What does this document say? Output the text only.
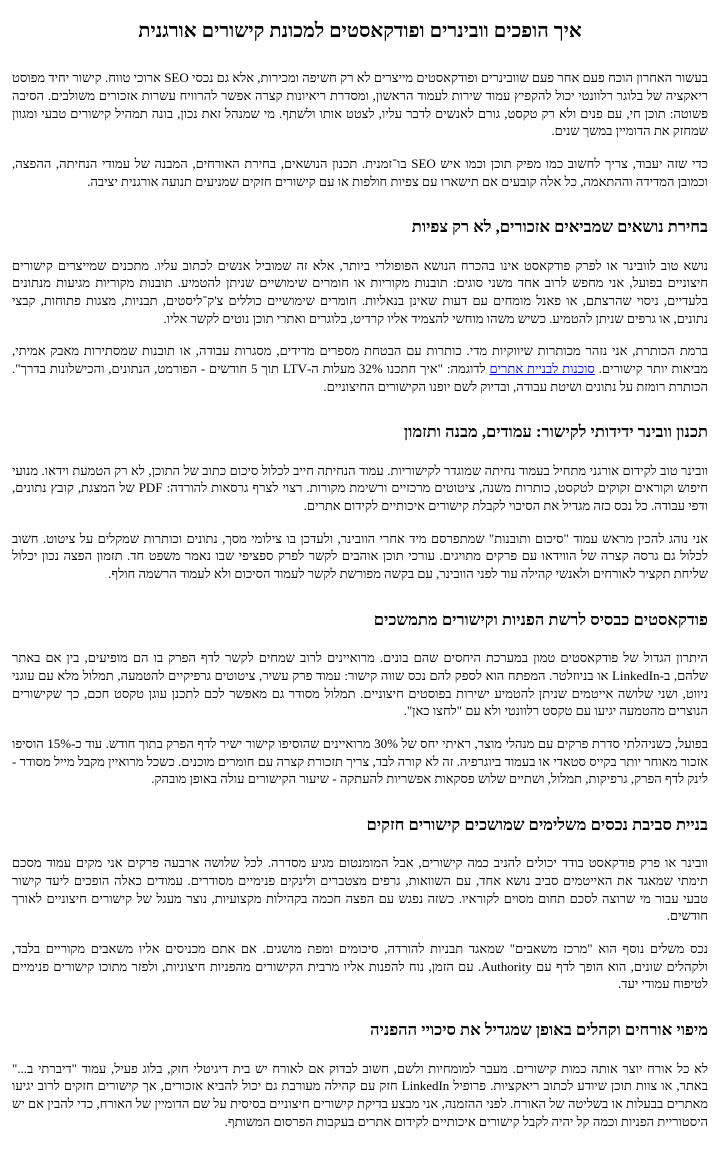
איך הופכים וובינרים ופודקאסטים למכונת קישורים אורגנית

בעשור האחרון הוכח פעם אחר פעם שוובינרים ופודקאסטים מייצרים לא רק חשיפה ומכירות, אלא גם נכסי SEO ארוכי טווח. קישור יחיד מפוסט ריאקציה של בלוגר רלוונטי יכול להקפיץ עמוד שירות לעמוד הראשון, ומסדרת ריאיונות קצרה אפשר להרוויח עשרות אזכורים משולבים. הסיבה פשוטה: תוכן חי, עם פנים ולא רק טקסט, גורם לאנשים לדבר עליו, לצטט אותו ולשתף. מי שמנהל זאת נכון, בונה תמהיל קישורים טבעי ומגוון שמחזק את הדומיין במשך שנים.

כדי שזה יעבוד, צריך לחשוב כמו מפיק תוכן וכמו איש SEO בו־זמנית. תכנון הנושאים, בחירת האורחים, המבנה של עמודי הנחיתה, ההפצה, וכמובן המדידה וההתאמה, כל אלה קובעים אם תישארו עם צפיות חולפות או עם קישורים חזקים שמניעים תנועה אורגנית יציבה.

בחירת נושאים שמביאים אזכורים, לא רק צפיות

נושא טוב לוובינר או לפרק פודקאסט אינו בהכרח הנושא הפופולרי ביותר, אלא זה שמוביל אנשים לכתוב עליו. מתכנים שמייצרים קישורים חיצוניים בפועל, אני מחפש לרוב אחד משני סוגים: תובנות מקוריות או חומרים שימושיים שניתן להטמיע. תובנות מקוריות מגיעות מנתונים בלעדיים, ניסוי שהרצתם, או פאנל מומחים עם דעות שאינן בנאליות. חומרים שימושיים כוללים צ'ק־ליסטים, תבניות, מצגות פתוחות, קבצי נתונים, או גרפים שניתן להטמיע. כשיש משהו מוחשי להצמיד אליו קרדיט, בלוגרים ואתרי תוכן נוטים לקשר אליו.

ברמת הכותרת, אני נזהר מכותרות שיווקיות מדי. כותרות עם הבטחת מספרים מדידים, מסגרות עבודה, או תובנות שמסתירות מאבק אמיתי, מביאות יותר קישורים. סוכנות לבניית אתרים לדוגמה: "איך חתכנו 32% מעלות ה-LTV תוך 5 חודשים - הפורמט, הנתונים, והכישלונות בדרך". הכותרת רומזת על נתונים ושיטת עבודה, ובדיוק לשם יופנו הקישורים החיצוניים.

תכנון וובינר ידידותי לקישור: עמודים, מבנה ותזמון

וובינר טוב לקידום אורגני מתחיל בעמוד נחיתה שמוגדר לקישוריות. עמוד הנחיתה חייב לכלול סיכום כתוב של התוכן, לא רק הטמעת וידאו. מנועי חיפוש וקוראים זקוקים לטקסט, כותרות משנה, ציטוטים מרכזיים ורשימת מקורות. רצוי לצרף גרסאות להורדה: PDF של המצגת, קובץ נתונים, ודפי עבודה. כל נכס כזה מגדיל את הסיכוי לקבלת קישורים איכותיים לקידום אתרים.

אני נוהג להכין מראש עמוד "סיכום ותובנות" שמתפרסם מיד אחרי הוובינר, ולעדכן בו צילומי מסך, נתונים וכותרות שמקלים על ציטוט. חשוב לכלול גם גרסה קצרה של הווידאו עם פרקים מתויגים. עורכי תוכן אוהבים לקשר לפרק ספציפי שבו נאמר משפט חד. תזמון הפצה נכון יכלול שליחת תקציר לאורחים ולאנשי קהילה עוד לפני הוובינר, עם בקשה מפורשת לקשר לעמוד הסיכום ולא לעמוד הרשמה חולף.

פודקאסטים כבסיס לרשת הפניות וקישורים מתמשכים

היתרון הגדול של פודקאסטים טמון במערכת היחסים שהם בונים. מרואיינים לרוב שמחים לקשר לדף הפרק בו הם מופיעים, בין אם באתר שלהם, ב-LinkedIn או בניוזלטר. המפתח הוא לספק להם נכס שווה קישור: עמוד פרק עשיר, ציטוטים גרפיקיים להטמעה, תמלול מלא עם עוגני ניווט, ושני שלושה אייטמים שניתן להטמיע ישירות בפוסטים חיצוניים. תמלול מסודר גם מאפשר לכם לתכנן עוגן טקסט חכם, כך שקישורים הנוצרים מהטמעה יגיעו עם טקסט רלוונטי ולא עם "לחצו כאן".

בפועל, כשניהלתי סדרת פרקים עם מנהלי מוצר, ראיתי יחס של 30% מרואיינים שהוסיפו קישור ישיר לדף הפרק בתוך חודש. עוד כ-15% הוסיפו אזכור מאוחר יותר בקייס סטאדי או בעמוד ביוגרפיה. זה לא קורה לבד, צריך תזכורת קצרה עם חומרים מוכנים. כשכל מרואיין מקבל מייל מסודר - לינק לדף הפרק, גרפיקות, תמלול, ושתיים שלוש פסקאות אפשריות להעתקה - שיעור הקישורים עולה באופן מובהק.

בניית סביבת נכסים משלימים שמושכים קישורים חזקים

וובינר או פרק פודקאסט בודד יכולים להניב כמה קישורים, אבל המומנטום מגיע מסדרה. לכל שלושה ארבעה פרקים אני מקים עמוד מסכם תימתי שמאגד את האייטמים סביב נושא אחד, עם השוואות, גרפים מצטברים ולינקים פנימיים מסודרים. עמודים כאלה הופכים ליעד קישור טבעי עבור מי שרוצה לסכם תחום מסוים לקוראיו. כשזה נפגש עם הפצה חכמה בקהילות מקצועיות, נוצר מעגל של קישורים חיצוניים לאורך חודשים.

נכס משלים נוסף הוא "מרכז משאבים" שמאגד תבניות להורדה, סיכומים ומפת מושגים. אם אתם מכניסים אליו משאבים מקוריים בלבד, ולקהלים שונים, הוא הופך לדף עם Authority. עם הזמן, נוח להפנות אליו מרבית הקישורים מהפניות חיצוניות, ולפזר מתוכו קישורים פנימיים לטיפוח עמודי יעד.

מיפוי אורחים וקהלים באופן שמגדיל את סיכויי ההפניה

לא כל אורח יוצר אותה כמות קישורים. מעבר למומחיות ולשם, חשוב לבדוק אם לאורח יש בית דיגיטלי חזק, בלוג פעיל, עמוד "דיברתי ב..." באתר, או צוות תוכן שיודע לכתוב ריאקציות. פרופיל LinkedIn חזק עם קהילה מעורבת גם יכול להביא אזכורים, אך קישורים חזקים לרוב יגיעו מאתרים בבעלות או בשליטה של האורח. לפני ההזמנה, אני מבצע בדיקת קישורים חיצוניים בסיסית על שם הדומיין של האורח, כדי להבין אם יש היסטוריית הפניות וכמה קל יהיה לקבל קישורים איכותיים לקידום אתרים בעקבות הפרסום המשותף.
